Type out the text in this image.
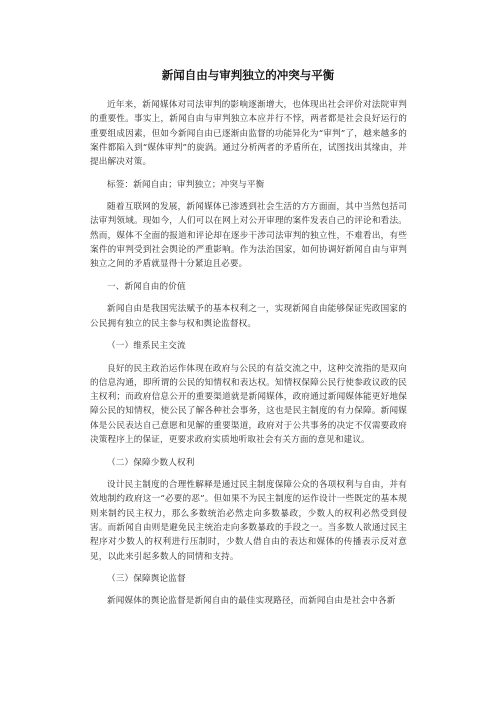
新闻自由与审判独立的冲突与平衡

近年来，新闻媒体对司法审判的影响逐渐增大，也体现出社会评价对法院审判的重要性。事实上，新闻自由与审判独立本应并行不悖，两者都是社会良好运行的重要组成因素，但如今新闻自由已逐渐由监督的功能异化为“审判”了，越来越多的案件都陷入到“媒体审判”的旋涡。通过分析两者的矛盾所在，试图找出其缘由，并提出解决对策。

标签：新闻自由；审判独立；冲突与平衡

随着互联网的发展，新闻媒体已渗透到社会生活的方方面面，其中当然包括司法审判领域。现如今，人们可以在网上对公开审理的案件发表自己的评论和看法。然而，媒体不全面的报道和评论却在逐步干涉司法审判的独立性，不难看出，有些案件的审判受到社会舆论的严重影响。作为法治国家，如何协调好新闻自由与审判独立之间的矛盾就显得十分紧迫且必要。

一、新闻自由的价值

新闻自由是我国宪法赋予的基本权利之一，实现新闻自由能够保证宪政国家的公民拥有独立的民主参与权和舆论监督权。

（一）维系民主交流

良好的民主政治运作体现在政府与公民的有益交流之中，这种交流指的是双向的信息沟通，即所谓的公民的知情权和表达权。知情权保障公民行使参政议政的民主权利；而政府信息公开的重要渠道就是新闻媒体，政府通过新闻媒体能更好地保障公民的知情权，使公民了解各种社会事务，这也是民主制度的有力保障。新闻媒体是公民表达自己意愿和见解的重要渠道，政府对于公共事务的决定不仅需要政府决策程序上的保证，更要求政府实质地听取社会有关方面的意见和建议。

（二）保障少数人权利

设计民主制度的合理性解释是通过民主制度保障公众的各项权利与自由，并有效地制约政府这一“必要的恶”。但如果不为民主制度的运作设计一些既定的基本规则来制约民主权力，那么多数统治必然走向多数暴政，少数人的权利必然受到侵害。而新闻自由则是避免民主统治走向多数暴政的手段之一。当多数人欲通过民主程序对少数人的权利进行压制时，少数人借自由的表达和媒体的传播表示反对意见，以此来引起多数人的同情和支持。

（三）保障舆论监督

新闻媒体的舆论监督是新闻自由的最佳实现路径，而新闻自由是社会中各新
